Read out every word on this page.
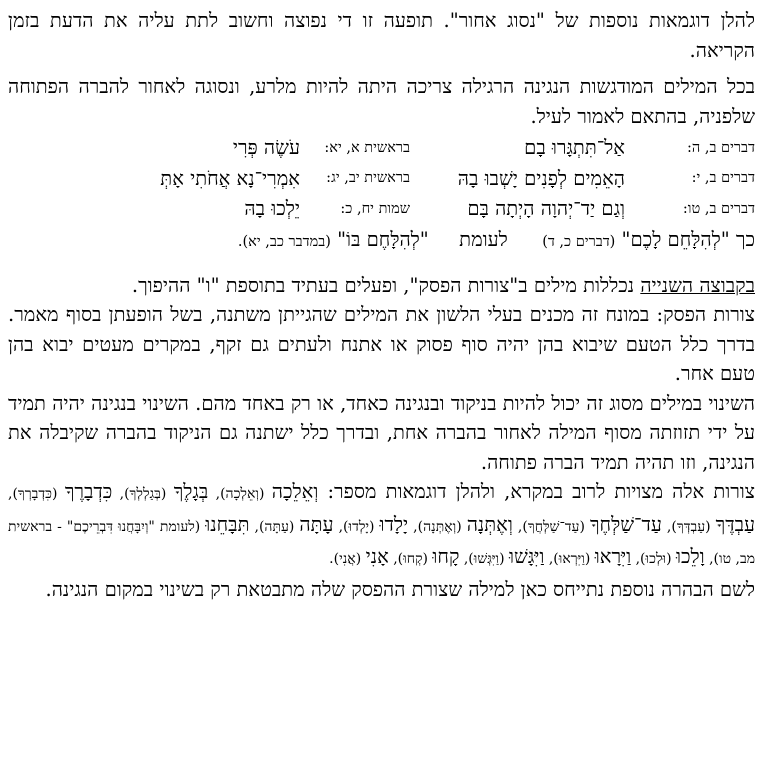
להלן דוגמאות נוספות של "נסוג אחור". תופעה זו די נפוצה וחשוב לתת עליה את הדעת בזמן הקריאה.

בכל המילים המודגשות הנגינה הרגילה צריכה היתה להיות מלרע, ונסוגה לאחור להברה הפתוחה שלפניה, בהתאם לאמור לעיל.

דברים ב, ה:	אַל־תִּתְגָּרוּ בָם	בראשית א, יא:	עֹשֶׂה פְּרִי
דברים ב, י:	הָאֵמִים לְפָנִים יָשְׁבוּ בָהּ	בראשית יב, יג:	אִמְרִי־נָא אֲחֹתִי אָתְּ
דברים ב, טו:	וְגַם יַד־יְהוָה הָיְתָה בָּם	שמות יח, כ:	יֵלְכוּ בָהּ
כך "לְהִלָּחֵם לָכֶם" (דברים כ, ד)  לעומת  "לְהִלָּחֶם בּוֹ" (במדבר כב, יא).

בקבוצה השנייה נכללות מילים ב"צורות הפסק", ופעלים בעתיד בתוספת "ו" ההיפוך.

צורות הפסק: במונח זה מכנים בעלי הלשון את המילים שהגייתן משתנה, בשל הופעתן בסוף מאמר. בדרך כלל הטעם שיבוא בהן יהיה סוף פסוק או אתנח ולעתים גם זקף, במקרים מעטים יבוא בהן טעם אחר.

השינוי במילים מסוג זה יכול להיות בניקוד ובנגינה כאחד, או רק באחד מהם. השינוי בנגינה יהיה תמיד על ידי תזוזתה מסוף המילה לאחור בהברה אחת, ובדרך כלל ישתנה גם הניקוד בהברה שקיבלה את הנגינה, וזו תהיה תמיד הברה פתוחה.

צורות אלה מצויות לרוב במקרא, ולהלן דוגמאות מספר: וְאֵלֵכָה (וְאֵלְכָה), בְּגָלֶךָ (בְּגַלְלְךָ), כִּדְבָרֶךָ (כִּדְבָרְךָ), עַבְדֶּךָ (עַבְדְּךָ), עַד־שַׁלְּחֶךָ (עַד־שַׁלְּחֲךָ), וְאֶתְּנָה (וְאֶתְּנָה), יָלָדוּ (יָלְדוּ), עָתָּה (עַתָּה), תִּבָּחֵנוּ (לעומת "וְיִבָּחֲנוּ דִּבְרֵיכֶם" - בראשית מב, טו), וָלֵכוּ (וּלְכוּ), וַיִּרָאוּ (וַיִּרְאוּ), וַיִּגָּשׁוּ (וַיִּגְּשׁוּ), קָחוּ (קְחוּ), אָנִי (אֲנִי).

לשם הבהרה נוספת נתייחס כאן למילה שצורת ההפסק שלה מתבטאת רק בשינוי במקום הנגינה.
